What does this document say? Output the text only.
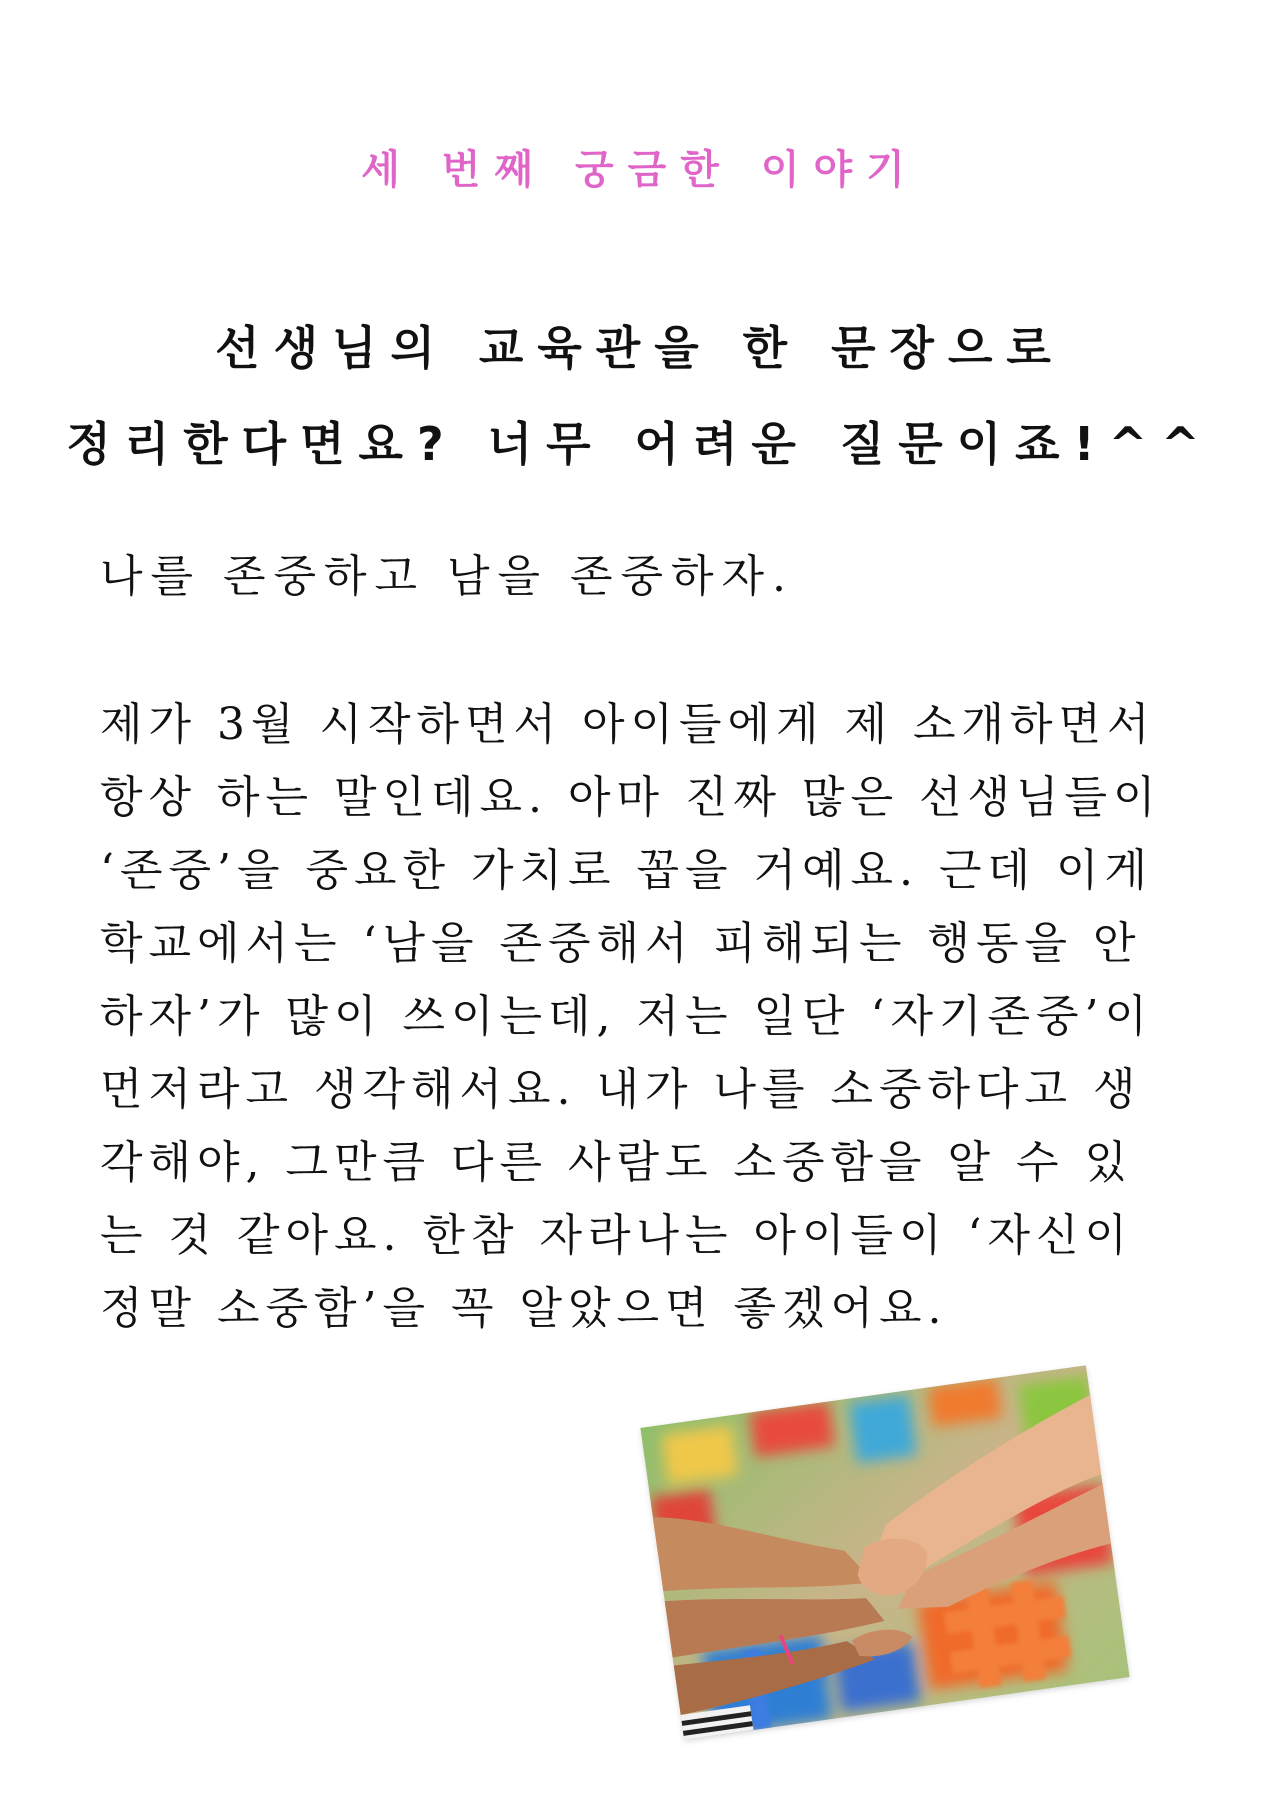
세 번째 궁금한 이야기
선생님의 교육관을 한 문장으로
정리한다면요? 너무 어려운 질문이죠!^^
나를 존중하고 남을 존중하자.
제가 3월 시작하면서 아이들에게 제 소개하면서
항상 하는 말인데요. 아마 진짜 많은 선생님들이
‘존중’을 중요한 가치로 꼽을 거예요. 근데 이게
학교에서는 ‘남을 존중해서 피해되는 행동을 안
하자’가 많이 쓰이는데, 저는 일단 ‘자기존중’이
먼저라고 생각해서요. 내가 나를 소중하다고 생
각해야, 그만큼 다른 사람도 소중함을 알 수 있
는 것 같아요. 한참 자라나는 아이들이 ‘자신이
정말 소중함’을 꼭 알았으면 좋겠어요.
